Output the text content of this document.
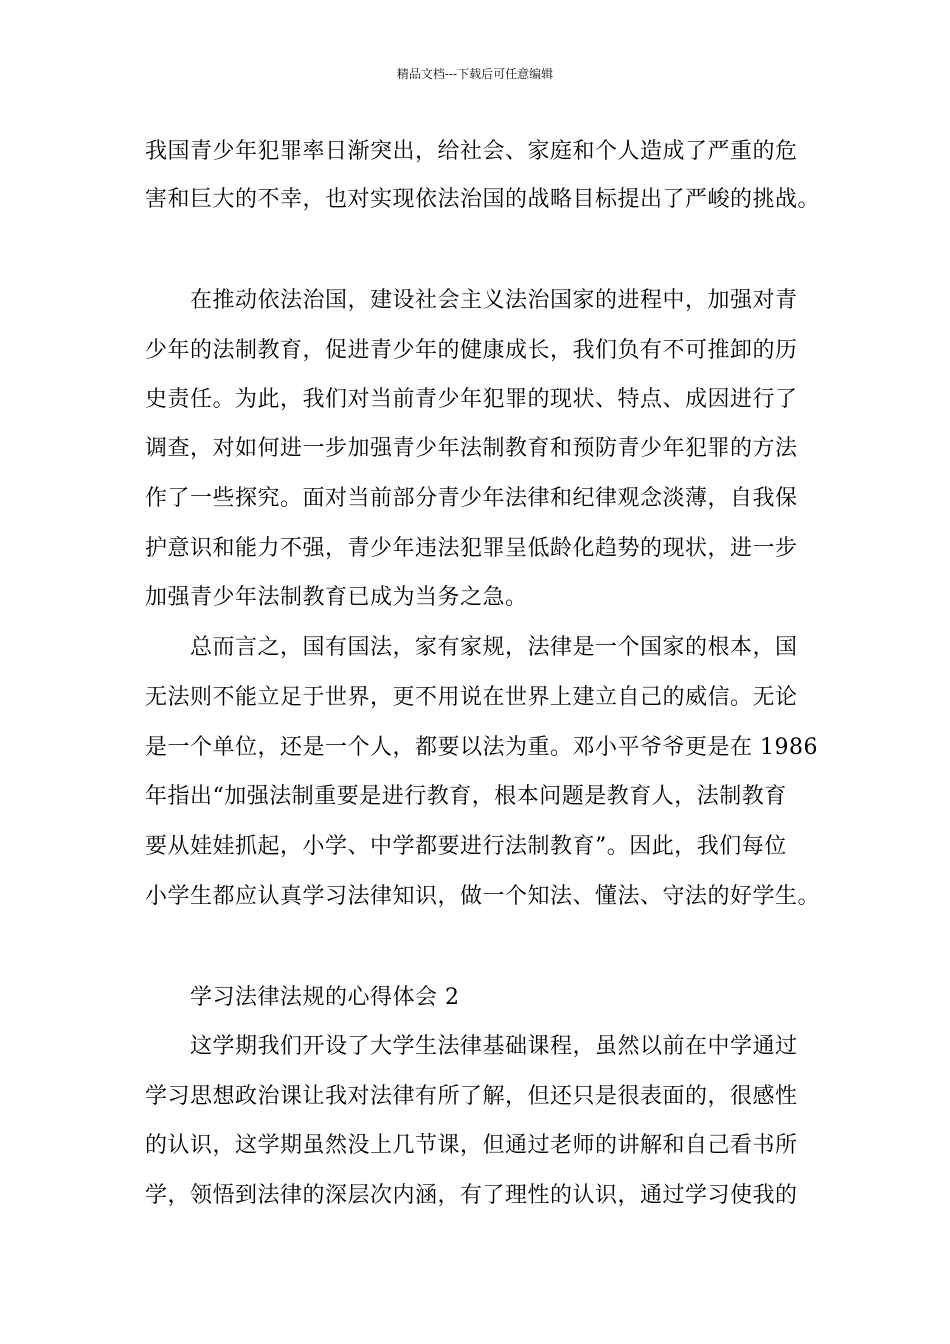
精品文档---下载后可任意编辑
我国青少年犯罪率日渐突出，给社会、家庭和个人造成了严重的危
害和巨大的不幸，也对实现依法治国的战略目标提出了严峻的挑战。
在推动依法治国，建设社会主义法治国家的进程中，加强对青
少年的法制教育，促进青少年的健康成长，我们负有不可推卸的历
史责任。为此，我们对当前青少年犯罪的现状、特点、成因进行了
调查，对如何进一步加强青少年法制教育和预防青少年犯罪的方法
作了一些探究。面对当前部分青少年法律和纪律观念淡薄，自我保
护意识和能力不强，青少年违法犯罪呈低龄化趋势的现状，进一步
加强青少年法制教育已成为当务之急。
总而言之，国有国法，家有家规，法律是一个国家的根本，国
无法则不能立足于世界，更不用说在世界上建立自己的威信。无论
是一个单位，还是一个人，都要以法为重。邓小平爷爷更是在 1986
年指出“加强法制重要是进行教育，根本问题是教育人，法制教育
要从娃娃抓起，小学、中学都要进行法制教育”。因此，我们每位
小学生都应认真学习法律知识，做一个知法、懂法、守法的好学生。
学习法律法规的心得体会 2
这学期我们开设了大学生法律基础课程，虽然以前在中学通过
学习思想政治课让我对法律有所了解，但还只是很表面的，很感性
的认识，这学期虽然没上几节课，但通过老师的讲解和自己看书所
学，领悟到法律的深层次内涵，有了理性的认识，通过学习使我的
